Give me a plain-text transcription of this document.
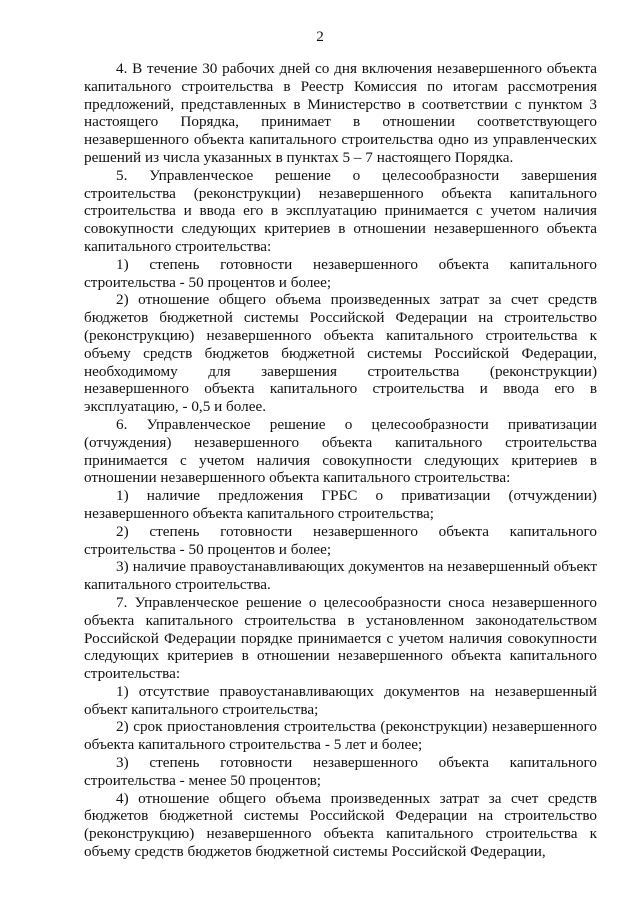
2

4. В течение 30 рабочих дней со дня включения незавершенного объекта капитального строительства в Реестр Комиссия по итогам рассмотрения предложений, представленных в Министерство в соответствии с пунктом 3 настоящего Порядка, принимает в отношении соответствующего незавершенного объекта капитального строительства одно из управленческих решений из числа указанных в пунктах 5 – 7 настоящего Порядка.

5. Управленческое решение о целесообразности завершения строительства (реконструкции) незавершенного объекта капитального строительства и ввода его в эксплуатацию принимается с учетом наличия совокупности следующих критериев в отношении незавершенного объекта капитального строительства:

1) степень готовности незавершенного объекта капитального строительства - 50 процентов и более;

2) отношение общего объема произведенных затрат за счет средств бюджетов бюджетной системы Российской Федерации на строительство (реконструкцию) незавершенного объекта капитального строительства к объему средств бюджетов бюджетной системы Российской Федерации, необходимому для завершения строительства (реконструкции) незавершенного объекта капитального строительства и ввода его в эксплуатацию, - 0,5 и более.

6. Управленческое решение о целесообразности приватизации (отчуждения) незавершенного объекта капитального строительства принимается с учетом наличия совокупности следующих критериев в отношении незавершенного объекта капитального строительства:

1) наличие предложения ГРБС о приватизации (отчуждении) незавершенного объекта капитального строительства;

2) степень готовности незавершенного объекта капитального строительства - 50 процентов и более;

3) наличие правоустанавливающих документов на незавершенный объект капитального строительства.

7. Управленческое решение о целесообразности сноса незавершенного объекта капитального строительства в установленном законодательством Российской Федерации порядке принимается с учетом наличия совокупности следующих критериев в отношении незавершенного объекта капитального строительства:

1) отсутствие правоустанавливающих документов на незавершенный объект капитального строительства;

2) срок приостановления строительства (реконструкции) незавершенного объекта капитального строительства - 5 лет и более;

3) степень готовности незавершенного объекта капитального строительства - менее 50 процентов;

4) отношение общего объема произведенных затрат за счет средств бюджетов бюджетной системы Российской Федерации на строительство (реконструкцию) незавершенного объекта капитального строительства к объему средств бюджетов бюджетной системы Российской Федерации,
